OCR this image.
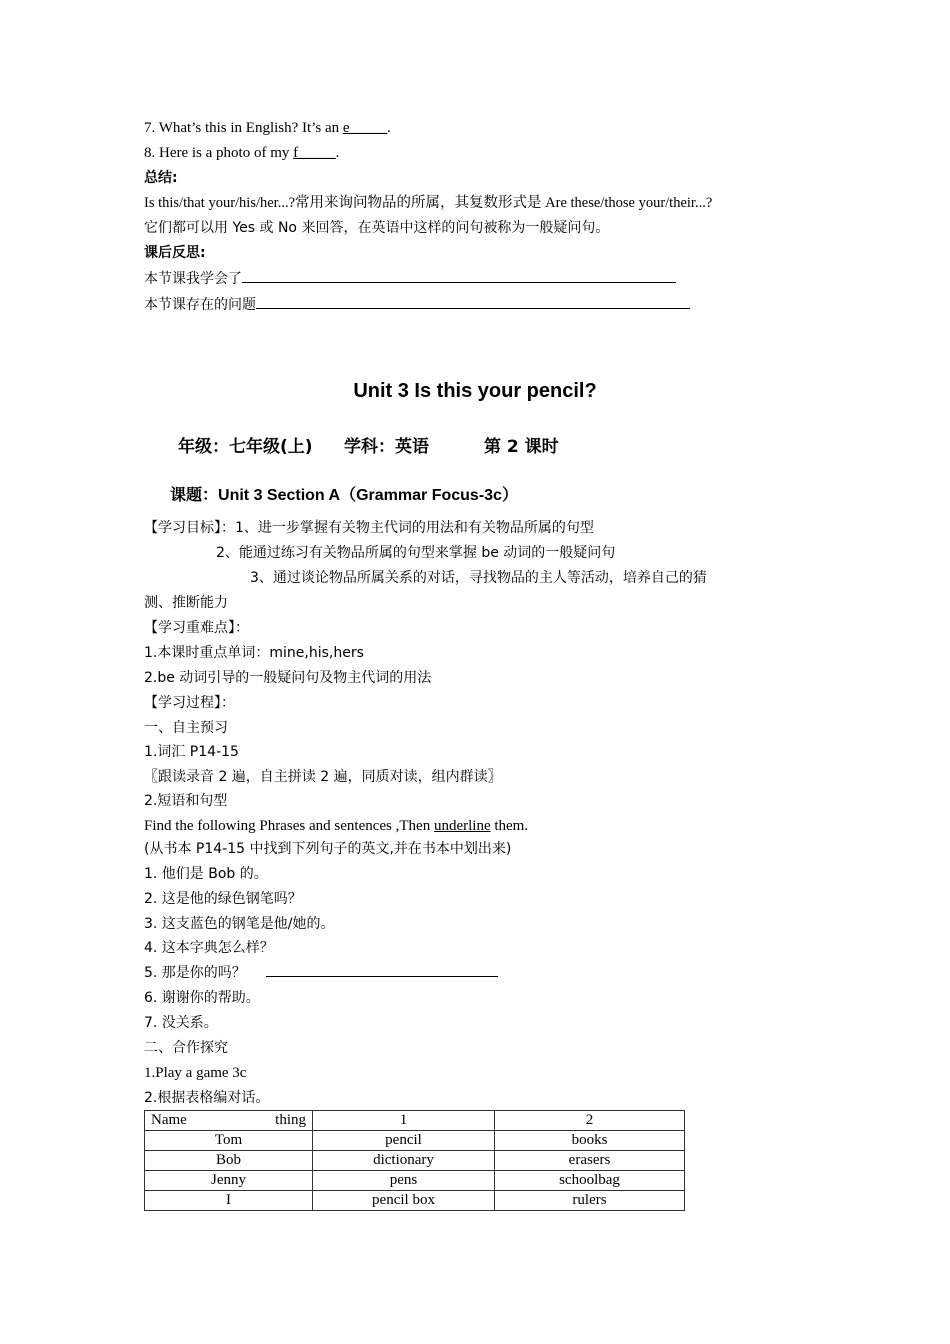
7. What’s this in English? It’s an e_____.
8. Here is a photo of my f_____.
总结:
Is this/that your/his/her...?常用来询问物品的所属，其复数形式是 Are these/those your/their...?
它们都可以用 Yes 或 No 来回答，在英语中这样的问句被称为一般疑问句。
课后反思:
本节课我学会了
本节课存在的问题
Unit 3 Is this your pencil?
年级：七年级(上) 学科：英语	第 2 课时
课题：Unit 3 Section A（Grammar Focus-3c）
【学习目标】：1、进一步掌握有关物主代词的用法和有关物品所属的句型
2、能通过练习有关物品所属的句型来掌握 be 动词的一般疑问句
3、通过谈论物品所属关系的对话，寻找物品的主人等活动，培养自己的猜
测、推断能力
【学习重难点】：
1.本课时重点单词：mine,his,hers
2.be 动词引导的一般疑问句及物主代词的用法
【学习过程】：
一、自主预习
1.词汇 P14-15
〖跟读录音 2 遍，自主拼读 2 遍，同质对读，组内群读〗
2.短语和句型
Find the following Phrases and sentences ,Then underline them.
(从书本 P14-15 中找到下列句子的英文,并在书本中划出来)
1. 他们是 Bob 的。
2. 这是他的绿色钢笔吗？
3. 这支蓝色的钢笔是他/她的。
4. 这本字典怎么样？
5. 那是你的吗？
6. 谢谢你的帮助。
7. 没关系。
二、合作探究
1.Play a game 3c
2.根据表格编对话。
Name thing	1	2
Tom	pencil	books
Bob	dictionary	erasers
Jenny	pens	schoolbag
I	pencil box	rulers
